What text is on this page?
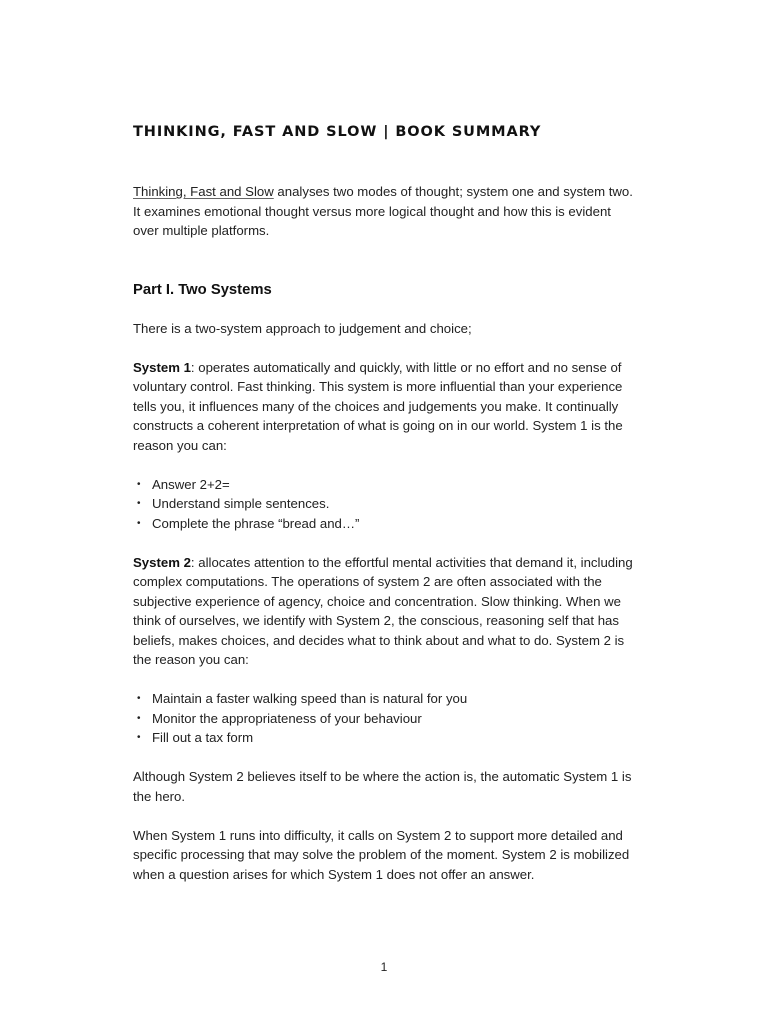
THINKING, FAST AND SLOW | BOOK SUMMARY

Thinking, Fast and Slow analyses two modes of thought; system one and system two. It examines emotional thought versus more logical thought and how this is evident over multiple platforms.

Part I. Two Systems

There is a two-system approach to judgement and choice;

System 1: operates automatically and quickly, with little or no effort and no sense of voluntary control. Fast thinking. This system is more influential than your experience tells you, it influences many of the choices and judgements you make. It continually constructs a coherent interpretation of what is going on in our world. System 1 is the reason you can:

• Answer 2+2=
• Understand simple sentences.
• Complete the phrase “bread and…”

System 2: allocates attention to the effortful mental activities that demand it, including complex computations. The operations of system 2 are often associated with the subjective experience of agency, choice and concentration. Slow thinking. When we think of ourselves, we identify with System 2, the conscious, reasoning self that has beliefs, makes choices, and decides what to think about and what to do. System 2 is the reason you can:

• Maintain a faster walking speed than is natural for you
• Monitor the appropriateness of your behaviour
• Fill out a tax form

Although System 2 believes itself to be where the action is, the automatic System 1 is the hero.

When System 1 runs into difficulty, it calls on System 2 to support more detailed and specific processing that may solve the problem of the moment. System 2 is mobilized when a question arises for which System 1 does not offer an answer.

1
